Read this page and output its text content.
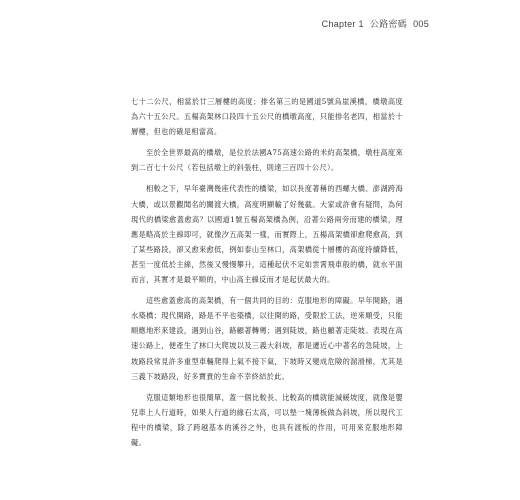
Chapter 1 公路密碼 005

七十二公尺，相當於廿三層樓的高度；排名第三的是國道5號烏崖溪橋，橋墩高度為六十五公尺。五楊高架林口段四十五公尺的橋墩高度，只能排名老四，相當於十層樓，但也的確是相當高。

至於全世界最高的橋墩，是位於法國A75高速公路的米約高架橋，墩柱高度來到二百七十公尺（若包括墩上的斜張柱，則達三百四十公尺）。

相較之下，早年臺灣幾座代表性的橋梁，如以長度著稱的西螺大橋、澎湖跨海大橋，或以景觀聞名的關渡大橋，高度明顯輸了好幾截。大家或許會有疑問，為何現代的橋梁愈蓋愈高？以國道1號五楊高架橋為例，沿著公路兩旁而建的橋梁，理應是略高於主線即可，就像汐五高架一樣，而實際上，五楊高架橋卻愈爬愈高，到了某些路段，卻又愈來愈低，例如泰山至林口，高架橋從十層樓的高度持續降低，甚至一度低於主線，然後又慢慢攀升，這種起伏不定如雲霄飛車般的橋，就水平面而言，其實才是最平順的，中山高主線反而才是起伏最大的。

這些愈蓋愈高的高架橋，有一個共同的目的：克服地形的障礙。早年開路，遇水築橋；現代開路，路是不平也築橋，以往開的路，受限於工法，逆來順受，只能順應地形來建設，遇到山谷，路顧著轉彎；遇到陡坡，路也顧著走陡坡。表現在高速公路上，便產生了林口大爬坡以及三義大斜坡，都是遷近心中著名的急陡坡，上坡路段常見許多重型車輛爬得上氣不接下氣，下坡時又變成危險的溜滑梯，尤其是三義下坡路段，好多寶貴的生命不幸終結於此。

克服這類地形也很簡單，蓋一個比較長、比較高的橋就能減緩坡度，就像是嬰兒車上人行道時，如果人行道的緣石太高，可以墊一塊薄板做為斜坡，所以現代工程中的橋梁，除了跨越基本的溪谷之外，也具有渡板的作用，可用來克服地形障礙。
